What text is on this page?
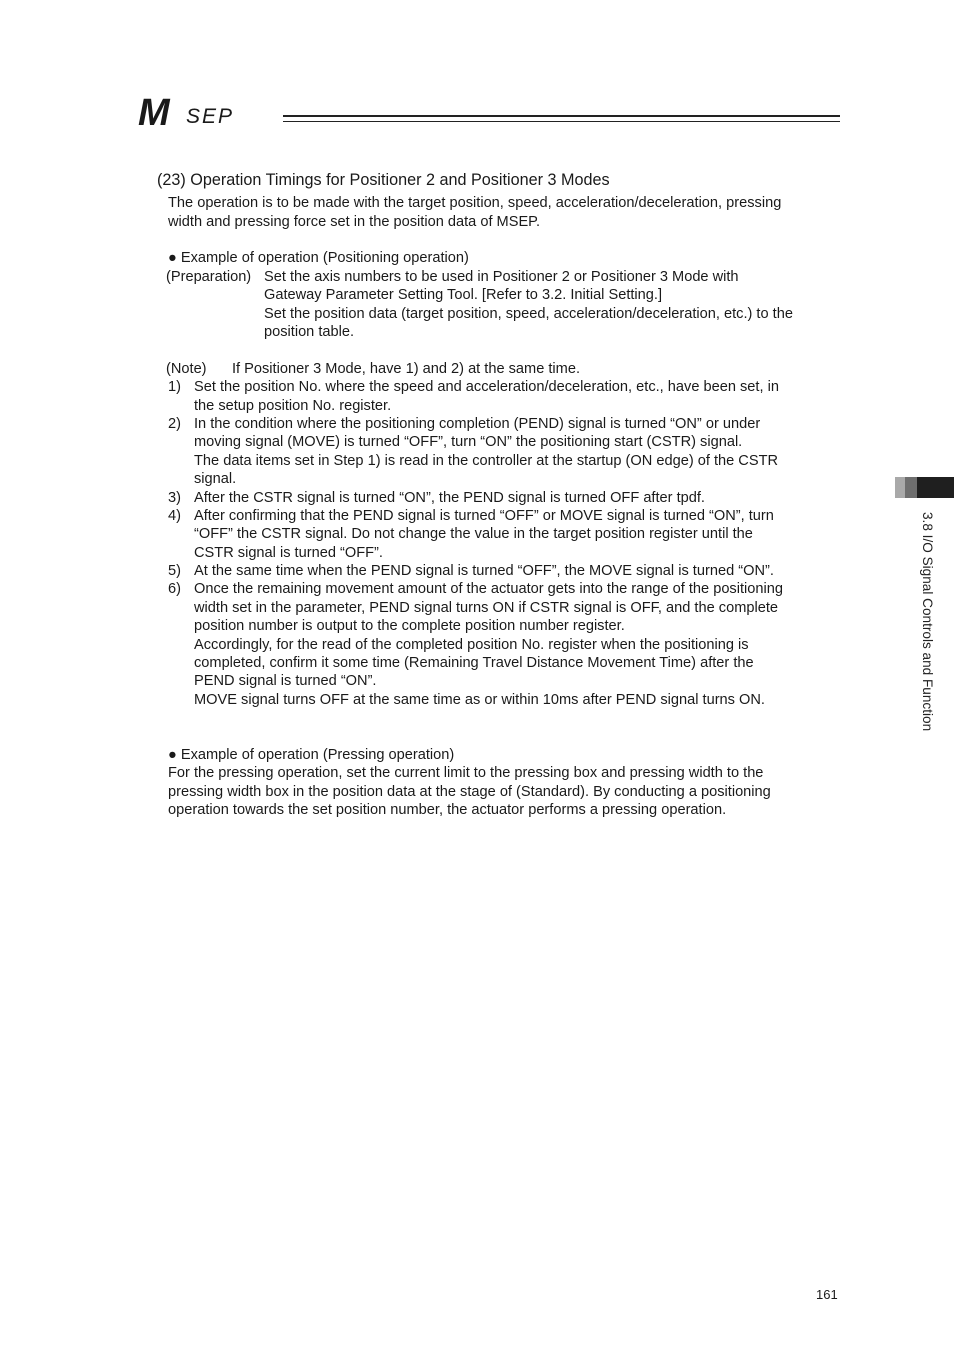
M SEP
(23) Operation Timings for Positioner 2 and Positioner 3 Modes
The operation is to be made with the target position, speed, acceleration/deceleration, pressing
width and pressing force set in the position data of MSEP.
● Example of operation (Positioning operation)
(Preparation) Set the axis numbers to be used in Positioner 2 or Positioner 3 Mode with
Gateway Parameter Setting Tool. [Refer to 3.2. Initial Setting.]
Set the position data (target position, speed, acceleration/deceleration, etc.) to the
position table.
(Note) If Positioner 3 Mode, have 1) and 2) at the same time.
1) Set the position No. where the speed and acceleration/deceleration, etc., have been set, in
the setup position No. register.
2) In the condition where the positioning completion (PEND) signal is turned “ON” or under
moving signal (MOVE) is turned “OFF”, turn “ON” the positioning start (CSTR) signal.
The data items set in Step 1) is read in the controller at the startup (ON edge) of the CSTR
signal.
3) After the CSTR signal is turned “ON”, the PEND signal is turned OFF after tpdf.
4) After confirming that the PEND signal is turned “OFF” or MOVE signal is turned “ON”, turn
“OFF” the CSTR signal. Do not change the value in the target position register until the
CSTR signal is turned “OFF”.
5) At the same time when the PEND signal is turned “OFF”, the MOVE signal is turned “ON”.
6) Once the remaining movement amount of the actuator gets into the range of the positioning
width set in the parameter, PEND signal turns ON if CSTR signal is OFF, and the complete
position number is output to the complete position number register.
Accordingly, for the read of the completed position No. register when the positioning is
completed, confirm it some time (Remaining Travel Distance Movement Time) after the
PEND signal is turned “ON”.
MOVE signal turns OFF at the same time as or within 10ms after PEND signal turns ON.
● Example of operation (Pressing operation)
For the pressing operation, set the current limit to the pressing box and pressing width to the
pressing width box in the position data at the stage of (Standard). By conducting a positioning
operation towards the set position number, the actuator performs a pressing operation.
3.8 I/O Signal Controls and Function
161
